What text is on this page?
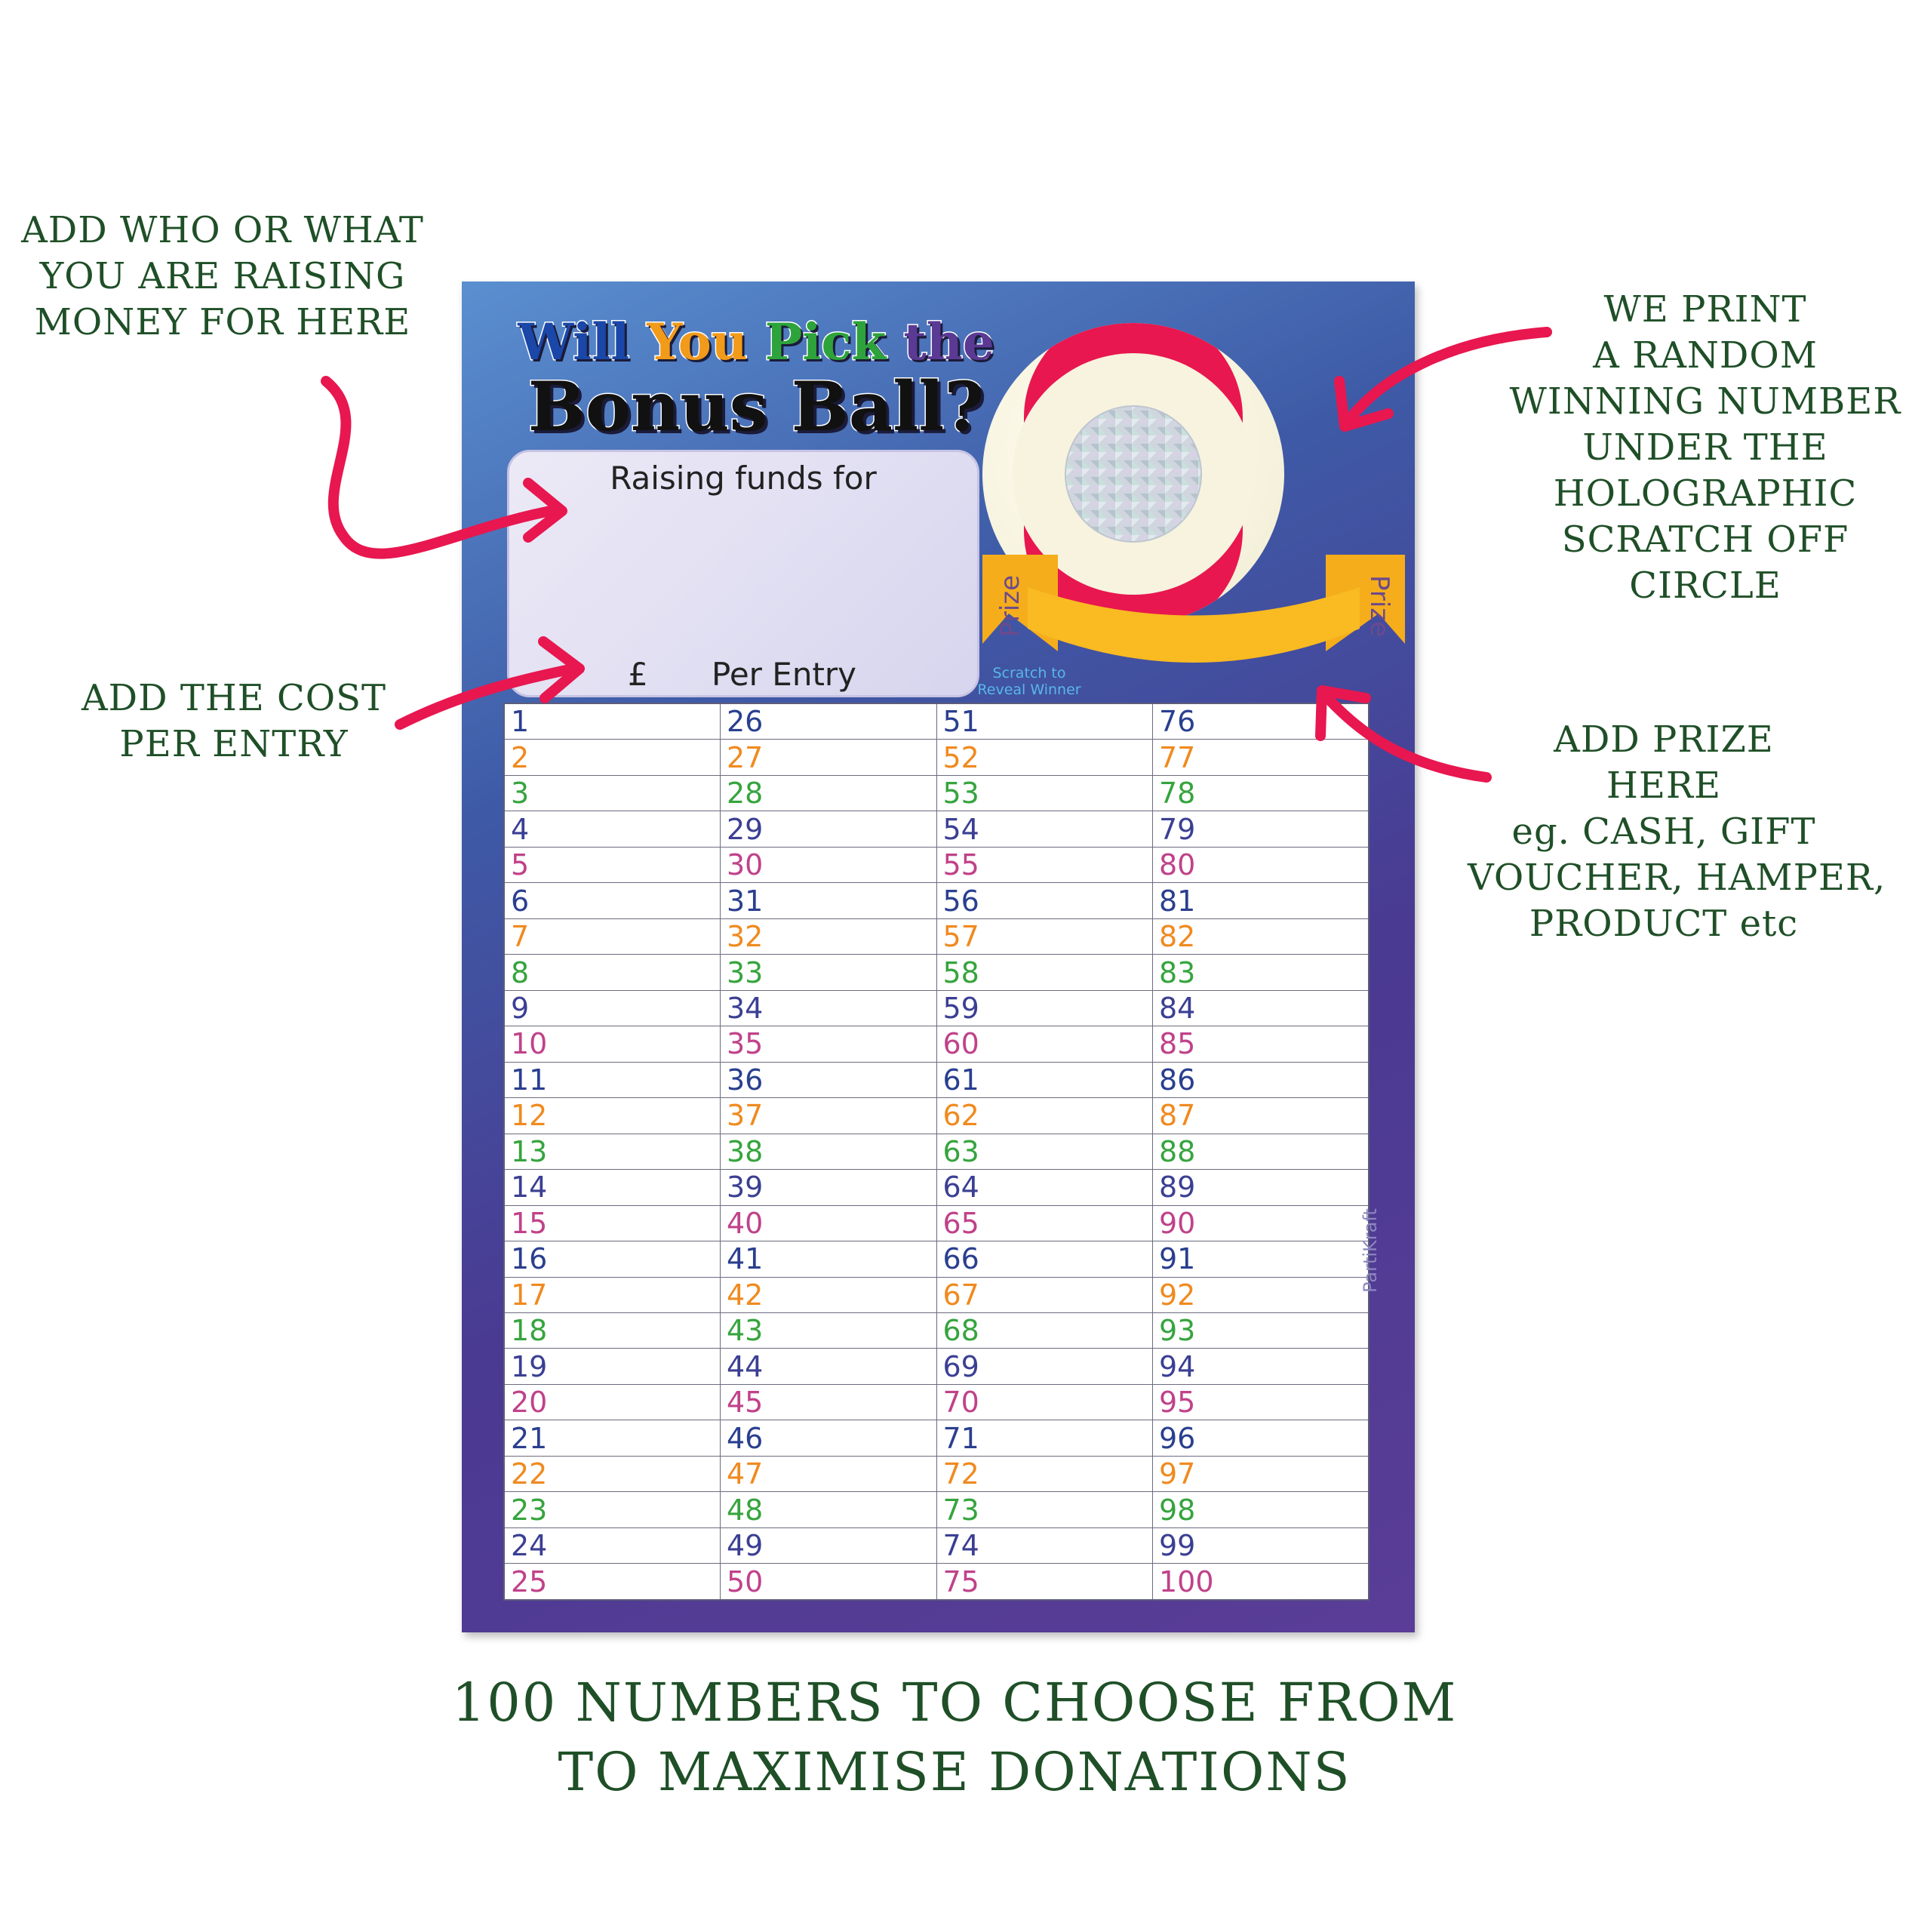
ADD WHO OR WHAT
YOU ARE RAISING
MONEY FOR HERE	WE PRINT
A RANDOM
WINNING NUMBER
UNDER THE
HOLOGRAPHIC
SCRATCH OFF
CIRCLE
ADD THE COST
PER ENTRY	ADD PRIZE
HERE
eg. CASH, GIFT
VOUCHER, HAMPER,
PRODUCT etc
Will You Pick the
Bonus Ball?
Raising funds for
£ Per Entry
Prize	Prize
Scratch to
Reveal Winner
1	26	51	76
2	27	52	77
3	28	53	78
4	29	54	79
5	30	55	80
6	31	56	81
7	32	57	82
8	33	58	83
9	34	59	84
10	35	60	85
11	36	61	86
12	37	62	87
13	38	63	88
14	39	64	89
15	40	65	90
16	41	66	91
17	42	67	92
18	43	68	93
19	44	69	94
20	45	70	95
21	46	71	96
22	47	72	97
23	48	73	98
24	49	74	99
25	50	75	100
PartiKraft
100 NUMBERS TO CHOOSE FROM
TO MAXIMISE DONATIONS
